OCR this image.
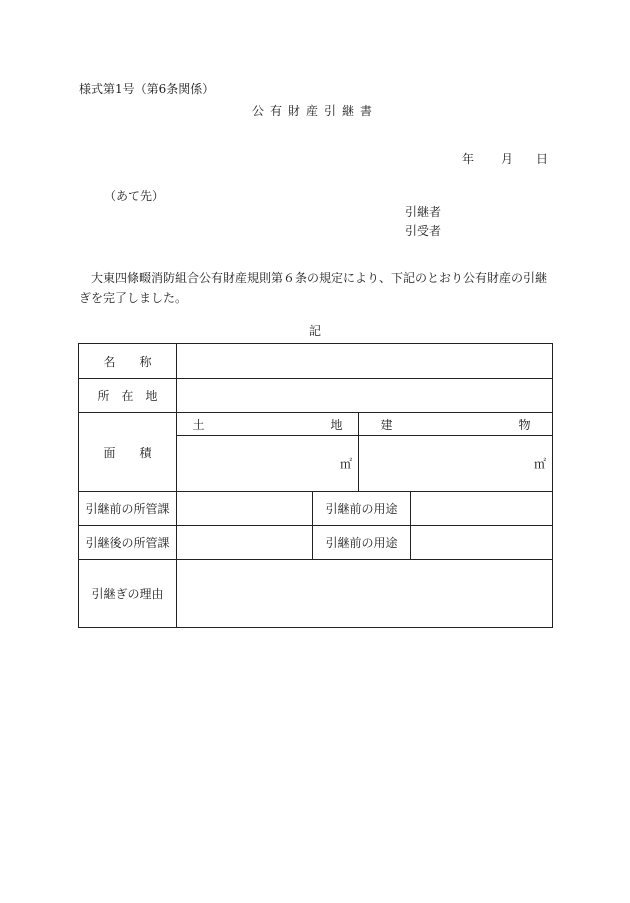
様式第1号（第6条関係）
公有財産引継書
年 月 日
（あて先）
引継者
引受者
大東四條畷消防組合公有財産規則第６条の規定により、下記のとおり公有財産の引継ぎを完了しました。
記
名　　称				
所　在　地				
面　　積	土 地		建 物	
	㎡		㎡	
引継前の所管課		引継前の用途		
引継後の所管課		引継前の用途		
引継ぎの理由				
